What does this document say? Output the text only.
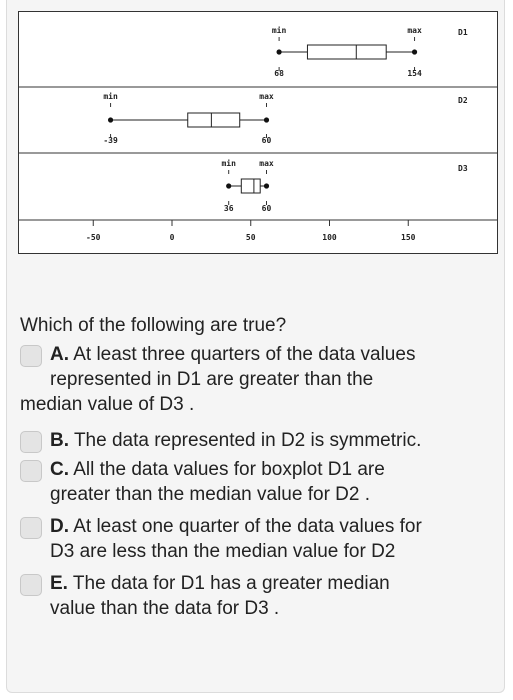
-50	0	50	100	150
min	max
68	154
D1
min	max
-39	60
D2
min	max
36	60
D3
Which of the following are true?
A. At least three quarters of the data values
represented in D1 are greater than the
median value of D3 .
B. The data represented in D2 is symmetric.
C. All the data values for boxplot D1 are
greater than the median value for D2 .
D. At least one quarter of the data values for
D3 are less than the median value for D2
E. The data for D1 has a greater median
value than the data for D3 .
